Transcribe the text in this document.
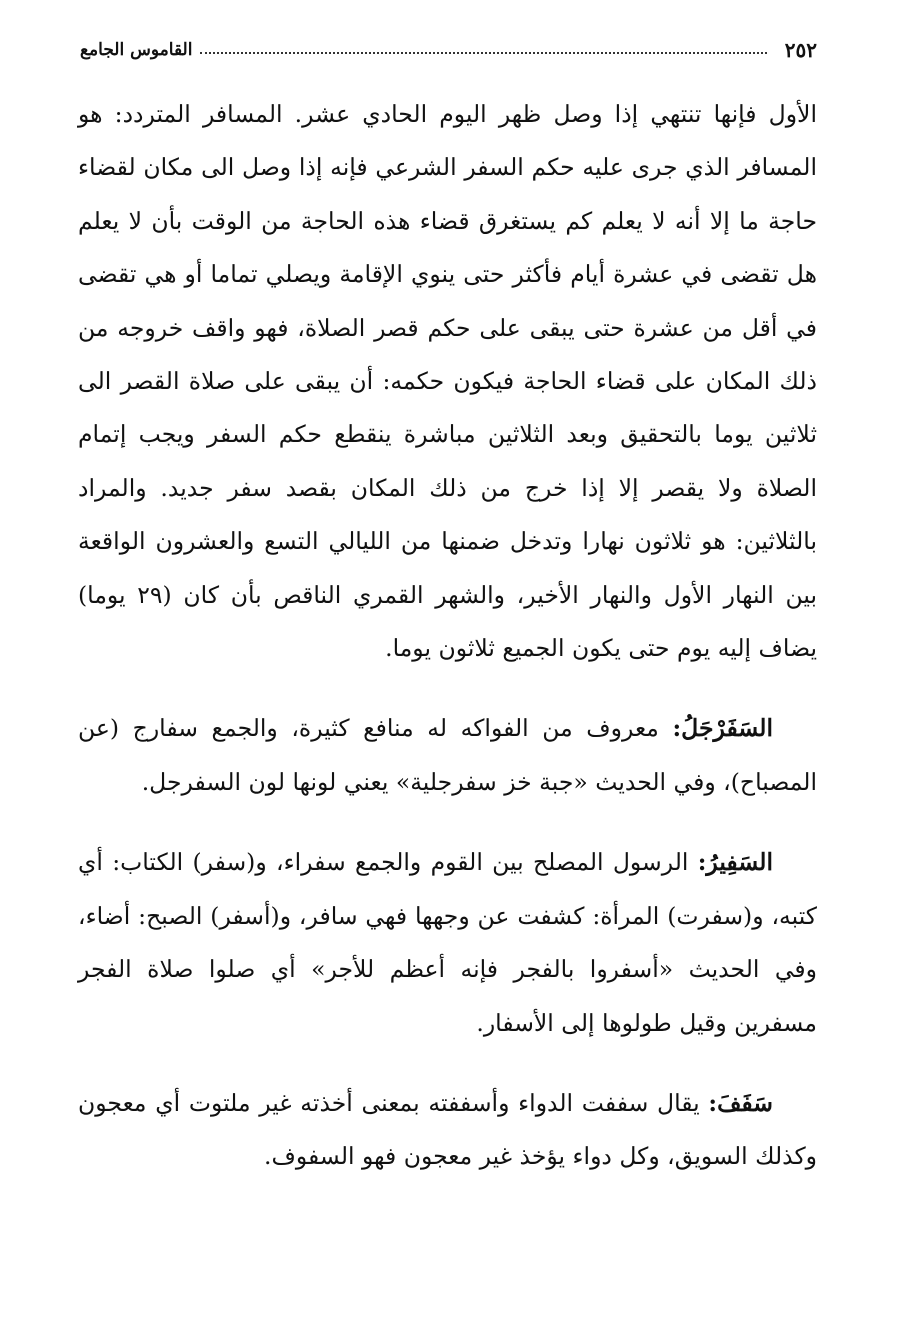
٢٥٢
القاموس الجامع

الأول فإنها تنتهي إذا وصل ظهر اليوم الحادي عشر. المسافر المتردد: هو المسافر الذي جرى عليه حكم السفر الشرعي فإنه إذا وصل الى مكان لقضاء حاجة ما إلا أنه لا يعلم كم يستغرق قضاء هذه الحاجة من الوقت بأن لا يعلم هل تقضى في عشرة أيام فأكثر حتى ينوي الإقامة ويصلي تماما أو هي تقضى في أقل من عشرة حتى يبقى على حكم قصر الصلاة، فهو واقف خروجه من ذلك المكان على قضاء الحاجة فيكون حكمه: أن يبقى على صلاة القصر الى ثلاثين يوما بالتحقيق وبعد الثلاثين مباشرة ينقطع حكم السفر ويجب إتمام الصلاة ولا يقصر إلا إذا خرج من ذلك المكان بقصد سفر جديد. والمراد بالثلاثين: هو ثلاثون نهارا وتدخل ضمنها من الليالي التسع والعشرون الواقعة بين النهار الأول والنهار الأخير، والشهر القمري الناقص بأن كان (٢٩ يوما) يضاف إليه يوم حتى يكون الجميع ثلاثون يوما.

السَفَرْجَلُ: معروف من الفواكه له منافع كثيرة، والجمع سفارج (عن المصباح)، وفي الحديث «جبة خز سفرجلية» يعني لونها لون السفرجل.

السَفِيرُ: الرسول المصلح بين القوم والجمع سفراء، و(سفر) الكتاب: أي كتبه، و(سفرت) المرأة: كشفت عن وجهها فهي سافر، و(أسفر) الصبح: أضاء، وفي الحديث «أسفروا بالفجر فإنه أعظم للأجر» أي صلوا صلاة الفجر مسفرين وقيل طولوها إلى الأسفار.

سَفَفَ: يقال سففت الدواء وأسففته بمعنى أخذته غير ملتوت أي معجون وكذلك السويق، وكل دواء يؤخذ غير معجون فهو السفوف.
